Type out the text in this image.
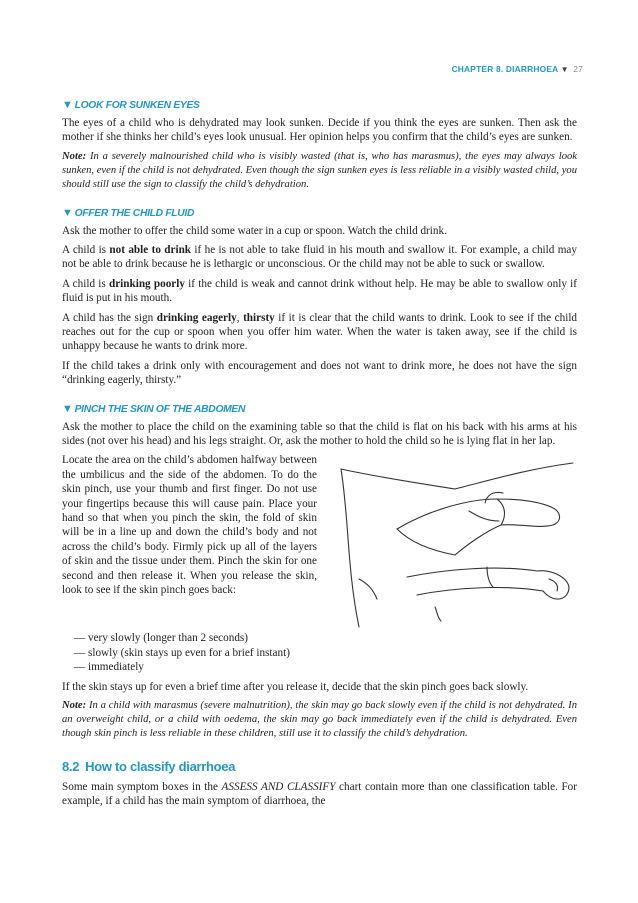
CHAPTER 8. DIARRHOEA ▼ 27
▼ LOOK FOR SUNKEN EYES

The eyes of a child who is dehydrated may look sunken. Decide if you think the eyes are sunken. Then ask the mother if she thinks her child’s eyes look unusual. Her opinion helps you confirm that the child’s eyes are sunken.

Note: In a severely malnourished child who is visibly wasted (that is, who has marasmus), the eyes may always look sunken, even if the child is not dehydrated. Even though the sign sunken eyes is less reliable in a visibly wasted child, you should still use the sign to classify the child’s dehydration.

▼ OFFER THE CHILD FLUID

Ask the mother to offer the child some water in a cup or spoon. Watch the child drink.

A child is not able to drink if he is not able to take fluid in his mouth and swallow it. For example, a child may not be able to drink because he is lethargic or unconscious. Or the child may not be able to suck or swallow.

A child is drinking poorly if the child is weak and cannot drink without help. He may be able to swallow only if fluid is put in his mouth.

A child has the sign drinking eagerly, thirsty if it is clear that the child wants to drink. Look to see if the child reaches out for the cup or spoon when you offer him water. When the water is taken away, see if the child is unhappy because he wants to drink more.

If the child takes a drink only with encouragement and does not want to drink more, he does not have the sign “drinking eagerly, thirsty.”

▼ PINCH THE SKIN OF THE ABDOMEN

Ask the mother to place the child on the examining table so that the child is flat on his back with his arms at his sides (not over his head) and his legs straight. Or, ask the mother to hold the child so he is lying flat in her lap.

Locate the area on the child’s abdomen halfway between the umbilicus and the side of the abdomen. To do the skin pinch, use your thumb and first finger. Do not use your fingertips because this will cause pain. Place your hand so that when you pinch the skin, the fold of skin will be in a line up and down the child’s body and not across the child’s body. Firmly pick up all of the layers of skin and the tissue under them. Pinch the skin for one second and then release it. When you release the skin, look to see if the skin pinch goes back:

— very slowly (longer than 2 seconds)
— slowly (skin stays up even for a brief instant)
— immediately

If the skin stays up for even a brief time after you release it, decide that the skin pinch goes back slowly.

Note: In a child with marasmus (severe malnutrition), the skin may go back slowly even if the child is not dehydrated. In an overweight child, or a child with oedema, the skin may go back immediately even if the child is dehydrated. Even though skin pinch is less reliable in these children, still use it to classify the child’s dehydration.

8.2 How to classify diarrhoea

Some main symptom boxes in the ASSESS AND CLASSIFY chart contain more than one classification table. For example, if a child has the main symptom of diarrhoea, the
